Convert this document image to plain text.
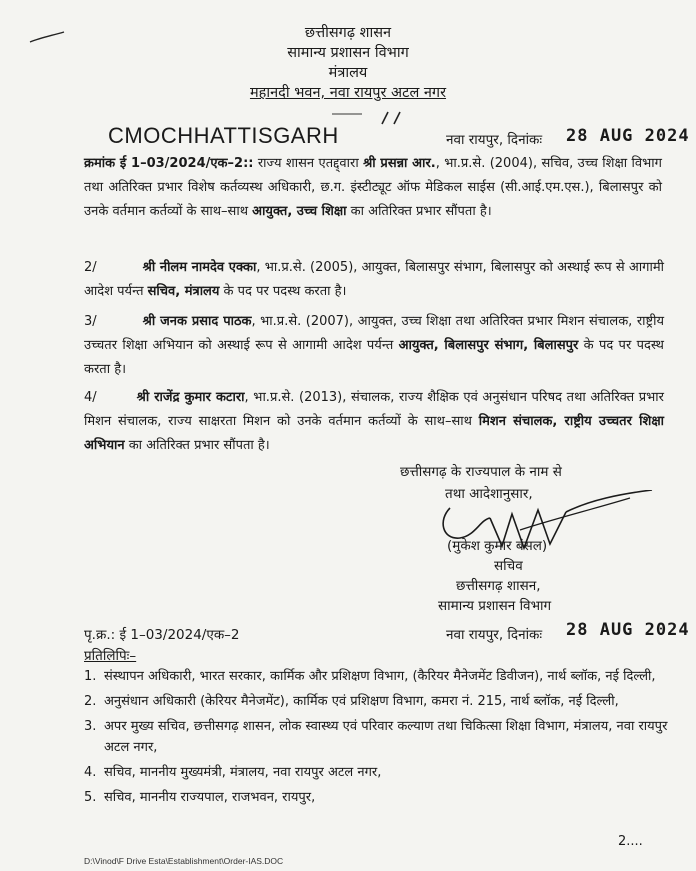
छत्तीसगढ़ शासन
सामान्य प्रशासन विभाग
मंत्रालय
महानदी भवन, नवा रायपुर अटल नगर
CMOCHHATTISGARH	नवा रायपुर, दिनांकः 28 AUG 2024
क्रमांक ई 1–03/2024/एक–2:: राज्य शासन एतद्द्वारा श्री प्रसन्ना आर., भा.प्र.से. (2004), सचिव, उच्च शिक्षा विभाग तथा अतिरिक्त प्रभार विशेष कर्तव्यस्थ अधिकारी, छ.ग. इंस्टीट्यूट ऑफ मेडिकल साईस (सी.आई.एम.एस.), बिलासपुर को उनके वर्तमान कर्तव्यों के साथ–साथ आयुक्त, उच्च शिक्षा का अतिरिक्त प्रभार सौंपता है।
2/	श्री नीलम नामदेव एक्का, भा.प्र.से. (2005), आयुक्त, बिलासपुर संभाग, बिलासपुर को अस्थाई रूप से आगामी आदेश पर्यन्त सचिव, मंत्रालय के पद पर पदस्थ करता है।
3/	श्री जनक प्रसाद पाठक, भा.प्र.से. (2007), आयुक्त, उच्च शिक्षा तथा अतिरिक्त प्रभार मिशन संचालक, राष्ट्रीय उच्चतर शिक्षा अभियान को अस्थाई रूप से आगामी आदेश पर्यन्त आयुक्त, बिलासपुर संभाग, बिलासपुर के पद पर पदस्थ करता है।
4/	श्री राजेंद्र कुमार कटारा, भा.प्र.से. (2013), संचालक, राज्य शैक्षिक एवं अनुसंधान परिषद तथा अतिरिक्त प्रभार मिशन संचालक, राज्य साक्षरता मिशन को उनके वर्तमान कर्तव्यों के साथ–साथ मिशन संचालक, राष्ट्रीय उच्चतर शिक्षा अभियान का अतिरिक्त प्रभार सौंपता है।
छत्तीसगढ़ के राज्यपाल के नाम से
तथा आदेशानुसार,
(मुकेश कुमार बंसल)
सचिव
छत्तीसगढ़ शासन,
सामान्य प्रशासन विभाग
पृ.क्र.: ई 1–03/2024/एक–2	नवा रायपुर, दिनांकः 28 AUG 2024
प्रतिलिपिः–
1. संस्थापन अधिकारी, भारत सरकार, कार्मिक और प्रशिक्षण विभाग, (कैरियर मैनेजमेंट डिवीजन), नार्थ ब्लॉक, नई दिल्ली,
2. अनुसंधान अधिकारी (केरियर मैनेजमेंट), कार्मिक एवं प्रशिक्षण विभाग, कमरा नं. 215, नार्थ ब्लॉक, नई दिल्ली,
3. अपर मुख्य सचिव, छत्तीसगढ़ शासन, लोक स्वास्थ्य एवं परिवार कल्याण तथा चिकित्सा शिक्षा विभाग, मंत्रालय, नवा रायपुर अटल नगर,
4. सचिव, माननीय मुख्यमंत्री, मंत्रालय, नवा रायपुर अटल नगर,
5. सचिव, माननीय राज्यपाल, राजभवन, रायपुर,
2....
D:\Vinod\F Drive Esta\Establishment\Order-IAS.DOC
